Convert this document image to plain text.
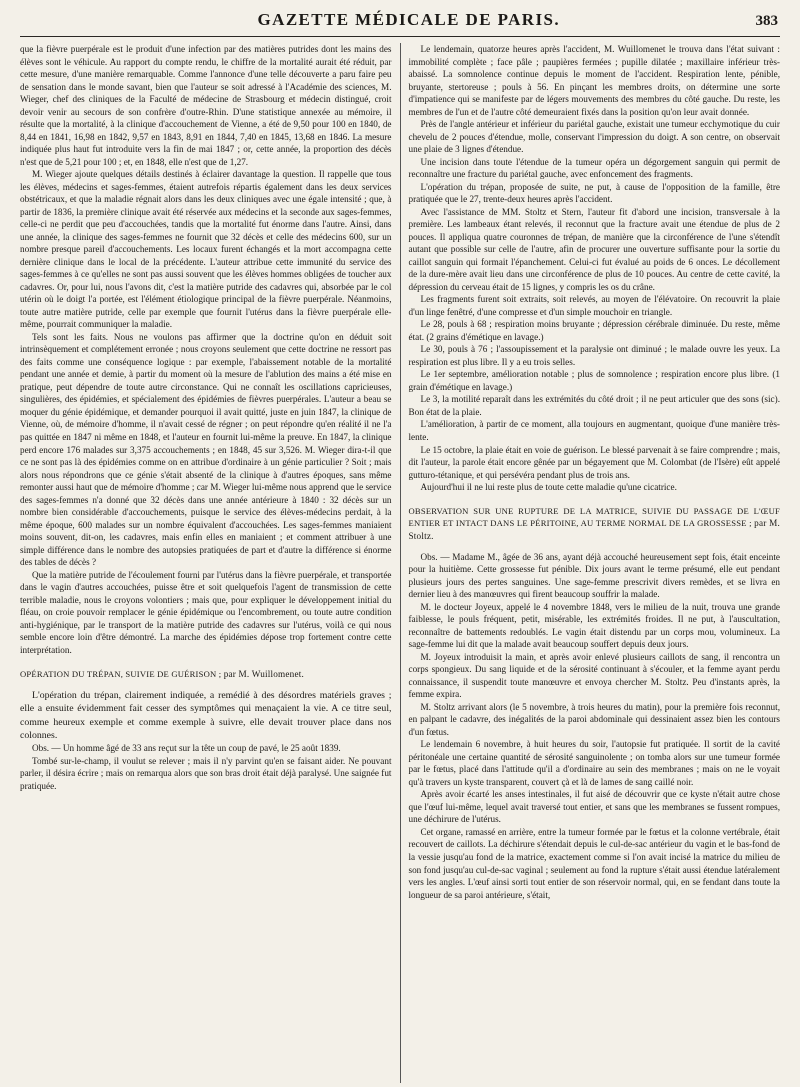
GAZETTE MÉDICALE DE PARIS.	383

que la fièvre puerpérale est le produit d'une infection par des matières putrides dont les mains des élèves sont le véhicule. Au rapport du compte rendu, le chiffre de la mortalité aurait été réduit, par cette mesure, d'une manière remarquable. Comme l'annonce d'une telle découverte a paru faire peu de sensation dans le monde savant, bien que l'auteur se soit adressé à l'Académie des sciences, M. Wieger, chef des cliniques de la Faculté de médecine de Strasbourg et médecin distingué, croit devoir venir au secours de son confrère d'outre-Rhin. D'une statistique annexée au mémoire, il résulte que la mortalité, à la clinique d'accouchement de Vienne, a été de 9,50 pour 100 en 1840, de 8,44 en 1841, 16,98 en 1842, 9,57 en 1843, 8,91 en 1844, 7,40 en 1845, 13,68 en 1846. La mesure indiquée plus haut fut introduite vers la fin de mai 1847 ; or, cette année, la proportion des décès n'est que de 5,21 pour 100 ; et, en 1848, elle n'est que de 1,27.

M. Wieger ajoute quelques détails destinés à éclairer davantage la question. Il rappelle que tous les élèves, médecins et sages-femmes, étaient autrefois répartis également dans les deux services obstétricaux, et que la maladie régnait alors dans les deux cliniques avec une égale intensité ; que, à partir de 1836, la première clinique avait été réservée aux médecins et la seconde aux sages-femmes, celle-ci ne perdit que peu d'accouchées, tandis que la mortalité fut énorme dans l'autre. Ainsi, dans une année, la clinique des sages-femmes ne fournit que 32 décès et celle des médecins 600, sur un nombre presque pareil d'accouchements. Les locaux furent échangés et la mort accompagna cette dernière clinique dans le local de la précédente. L'auteur attribue cette immunité du service des sages-femmes à ce qu'elles ne sont pas aussi souvent que les élèves hommes obligées de toucher aux cadavres. Or, pour lui, nous l'avons dit, c'est la matière putride des cadavres qui, absorbée par le col utérin où le doigt l'a portée, est l'élément étiologique principal de la fièvre puerpérale. Néanmoins, toute autre matière putride, celle par exemple que fournit l'utérus dans la fièvre puerpérale elle-même, pourrait communiquer la maladie.

Tels sont les faits. Nous ne voulons pas affirmer que la doctrine qu'on en déduit soit intrinsèquement et complétement erronée ; nous croyons seulement que cette doctrine ne ressort pas des faits comme une conséquence logique : par exemple, l'abaissement notable de la mortalité pendant une année et demie, à partir du moment où la mesure de l'ablution des mains a été mise en pratique, peut dépendre de toute autre circonstance. Qui ne connaît les oscillations capricieuses, singulières, des épidémies, et spécialement des épidémies de fièvres puerpérales. L'auteur a beau se moquer du génie épidémique, et demander pourquoi il avait quitté, juste en juin 1847, la clinique de Vienne, où, de mémoire d'homme, il n'avait cessé de régner ; on peut répondre qu'en réalité il ne l'a pas quittée en 1847 ni même en 1848, et l'auteur en fournit lui-même la preuve. En 1847, la clinique perd encore 176 malades sur 3,375 accouchements ; en 1848, 45 sur 3,526. M. Wieger dira-t-il que ce ne sont pas là des épidémies comme on en attribue d'ordinaire à un génie particulier ? Soit ; mais alors nous répondrons que ce génie s'était absenté de la clinique à d'autres époques, sans même remonter aussi haut que de mémoire d'homme ; car M. Wieger lui-même nous apprend que le service des sages-femmes n'a donné que 32 décès dans une année antérieure à 1840 : 32 décès sur un nombre bien considérable d'accouchements, puisque le service des élèves-médecins perdait, à la même époque, 600 malades sur un nombre équivalent d'accouchées. Les sages-femmes maniaient moins souvent, dit-on, les cadavres, mais enfin elles en maniaient ; et comment attribuer à une simple différence dans le nombre des autopsies pratiquées de part et d'autre la différence si énorme des tables de décès ?

Que la matière putride de l'écoulement fourni par l'utérus dans la fièvre puerpérale, et transportée dans le vagin d'autres accouchées, puisse être et soit quelquefois l'agent de transmission de cette terrible maladie, nous le croyons volontiers ; mais que, pour expliquer le développement initial du fléau, on croie pouvoir remplacer le génie épidémique ou l'encombrement, ou toute autre condition anti-hygiénique, par le transport de la matière putride des cadavres sur l'utérus, voilà ce qui nous semble encore loin d'être démontré. La marche des épidémies dépose trop fortement contre cette interprétation.

OPÉRATION DU TRÉPAN, SUIVIE DE GUÉRISON ; par M. Wuillomenet.

L'opération du trépan, clairement indiquée, a remédié à des désordres matériels graves ; elle a ensuite évidemment fait cesser des symptômes qui menaçaient la vie. A ce titre seul, comme heureux exemple et comme exemple à suivre, elle devait trouver place dans nos colonnes.

Obs. — Un homme âgé de 33 ans reçut sur la tête un coup de pavé, le 25 août 1839.

Tombé sur-le-champ, il voulut se relever ; mais il n'y parvint qu'en se faisant aider. Ne pouvant parler, il désira écrire ; mais on remarqua alors que son bras droit était déjà paralysé. Une saignée fut pratiquée.

Le lendemain, quatorze heures après l'accident, M. Wuillomenet le trouva dans l'état suivant : immobilité complète ; face pâle ; paupières fermées ; pupille dilatée ; maxillaire inférieur très-abaissé. La somnolence continue depuis le moment de l'accident. Respiration lente, pénible, bruyante, stertoreuse ; pouls à 56. En pinçant les membres droits, on détermine une sorte d'impatience qui se manifeste par de légers mouvements des membres du côté gauche. Du reste, les membres de l'un et de l'autre côté demeuraient fixés dans la position qu'on leur avait donnée.

Près de l'angle antérieur et inférieur du pariétal gauche, existait une tumeur ecchymotique du cuir chevelu de 2 pouces d'étendue, molle, conservant l'impression du doigt. A son centre, on observait une plaie de 3 lignes d'étendue.

Une incision dans toute l'étendue de la tumeur opéra un dégorgement sanguin qui permit de reconnaître une fracture du pariétal gauche, avec enfoncement des fragments.

L'opération du trépan, proposée de suite, ne put, à cause de l'opposition de la famille, être pratiquée que le 27, trente-deux heures après l'accident.

Avec l'assistance de MM. Stoltz et Stern, l'auteur fit d'abord une incision, transversale à la première. Les lambeaux étant relevés, il reconnut que la fracture avait une étendue de plus de 2 pouces. Il appliqua quatre couronnes de trépan, de manière que la circonférence de l'une s'étendît autant que possible sur celle de l'autre, afin de procurer une ouverture suffisante pour la sortie du caillot sanguin qui formait l'épanchement. Celui-ci fut évalué au poids de 6 onces. Le décollement de la dure-mère avait lieu dans une circonférence de plus de 10 pouces. Au centre de cette cavité, la dépression du cerveau était de 15 lignes, y compris les os du crâne.

Les fragments furent soit extraits, soit relevés, au moyen de l'élévatoire. On recouvrit la plaie d'un linge fenêtré, d'une compresse et d'un simple mouchoir en triangle.

Le 28, pouls à 68 ; respiration moins bruyante ; dépression cérébrale diminuée. Du reste, même état. (2 grains d'émétique en lavage.)

Le 30, pouls à 76 ; l'assoupissement et la paralysie ont diminué ; le malade ouvre les yeux. La respiration est plus libre. Il y a eu trois selles.

Le 1er septembre, amélioration notable ; plus de somnolence ; respiration encore plus libre. (1 grain d'émétique en lavage.)

Le 3, la motilité reparaît dans les extrémités du côté droit ; il ne peut articuler que des sons (sic). Bon état de la plaie.

L'amélioration, à partir de ce moment, alla toujours en augmentant, quoique d'une manière très-lente.

Le 15 octobre, la plaie était en voie de guérison. Le blessé parvenait à se faire comprendre ; mais, dit l'auteur, la parole était encore gênée par un bégayement que M. Colombat (de l'Isère) eût appelé gutturo-tétanique, et qui persévéra pendant plus de trois ans.

Aujourd'hui il ne lui reste plus de toute cette maladie qu'une cicatrice.

OBSERVATION SUR UNE RUPTURE DE LA MATRICE, SUIVIE DU PASSAGE DE L'ŒUF ENTIER ET INTACT DANS LE PÉRITOINE, AU TERME NORMAL DE LA GROSSESSE ; par M. Stoltz.

Obs. — Madame M., âgée de 36 ans, ayant déjà accouché heureusement sept fois, était enceinte pour la huitième. Cette grossesse fut pénible. Dix jours avant le terme présumé, elle eut pendant plusieurs jours des pertes sanguines. Une sage-femme prescrivit divers remèdes, et se livra en dernier lieu à des manœuvres qui firent beaucoup souffrir la malade.

M. le docteur Joyeux, appelé le 4 novembre 1848, vers le milieu de la nuit, trouva une grande faiblesse, le pouls fréquent, petit, misérable, les extrémités froides. Il ne put, à l'auscultation, reconnaître de battements redoublés. Le vagin était distendu par un corps mou, volumineux. La sage-femme lui dit que la malade avait beaucoup souffert depuis deux jours.

M. Joyeux introduisit la main, et après avoir enlevé plusieurs caillots de sang, il rencontra un corps spongieux. Du sang liquide et de la sérosité continuant à s'écouler, et la femme ayant perdu connaissance, il suspendit toute manœuvre et envoya chercher M. Stoltz. Peu d'instants après, la femme expira.

M. Stoltz arrivant alors (le 5 novembre, à trois heures du matin), pour la première fois reconnut, en palpant le cadavre, des inégalités de la paroi abdominale qui dessinaient assez bien les contours d'un fœtus.

Le lendemain 6 novembre, à huit heures du soir, l'autopsie fut pratiquée. Il sortit de la cavité péritonéale une certaine quantité de sérosité sanguinolente ; on tomba alors sur une tumeur formée par le fœtus, placé dans l'attitude qu'il a d'ordinaire au sein des membranes ; mais on ne le voyait qu'à travers un kyste transparent, couvert çà et là de lames de sang caillé noir.

Après avoir écarté les anses intestinales, il fut aisé de découvrir que ce kyste n'était autre chose que l'œuf lui-même, lequel avait traversé tout entier, et sans que les membranes se fussent rompues, une déchirure de l'utérus.

Cet organe, ramassé en arrière, entre la tumeur formée par le fœtus et la colonne vertébrale, était recouvert de caillots. La déchirure s'étendait depuis le cul-de-sac antérieur du vagin et le bas-fond de la vessie jusqu'au fond de la matrice, exactement comme si l'on avait incisé la matrice du milieu de son fond jusqu'au cul-de-sac vaginal ; seulement au fond la rupture s'était aussi étendue latéralement vers les angles. L'œuf ainsi sorti tout entier de son réservoir normal, qui, en se fendant dans toute la longueur de sa paroi antérieure, s'était,
